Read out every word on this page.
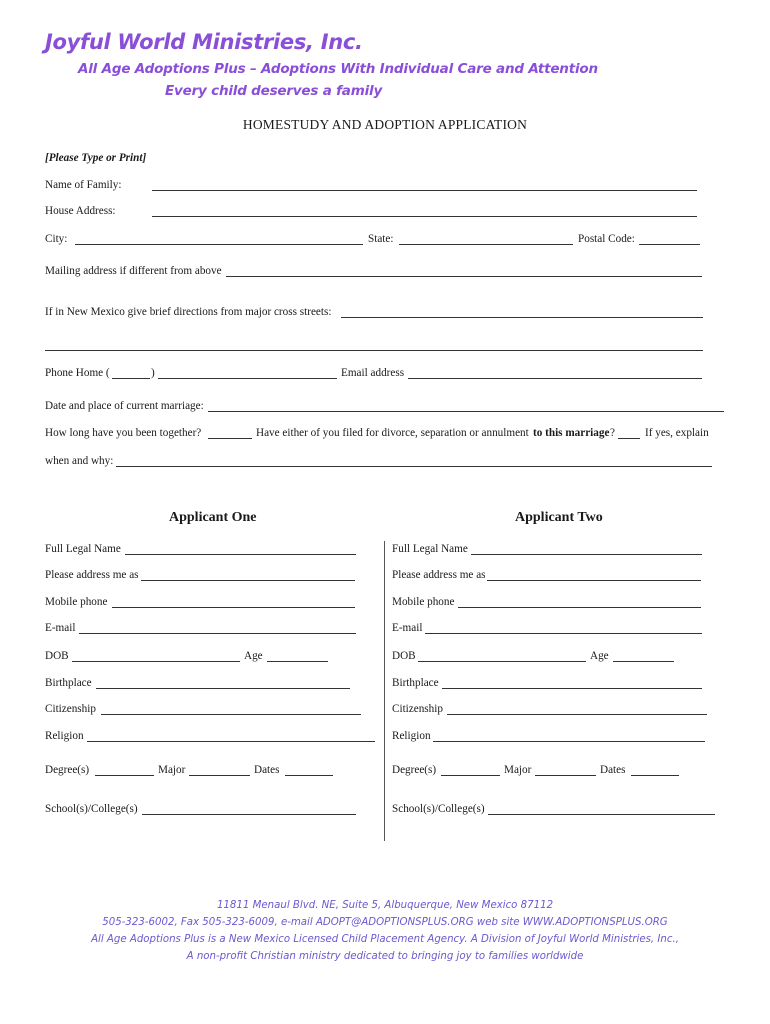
Joyful World Ministries, Inc.
All Age Adoptions Plus – Adoptions With Individual Care and Attention
Every child deserves a family
HOMESTUDY AND ADOPTION APPLICATION
[Please Type or Print]
Name of Family:
House Address:
City:	State:	Postal Code:
Mailing address if different from above
If in New Mexico give brief directions from major cross streets:
Phone Home (	)	Email address
Date and place of current marriage:
How long have you been together?	Have either of you filed for divorce, separation or annulment to this marriage ?	If yes, explain
when and why:
Applicant One	Applicant Two
Full Legal Name
Please address me as
Mobile phone
E-mail
DOB	Age
Birthplace
Citizenship
Religion
Degree(s)	Major	Dates
School(s)/College(s)
Full Legal Name
Please address me as
Mobile phone
E-mail
DOB	Age
Birthplace
Citizenship
Religion
Degree(s)	Major	Dates
School(s)/College(s)
11811 Menaul Blvd. NE, Suite 5, Albuquerque, New Mexico 87112
505-323-6002, Fax 505-323-6009, e-mail ADOPT@ADOPTIONSPLUS.ORG web site WWW.ADOPTIONSPLUS.ORG
All Age Adoptions Plus is a New Mexico Licensed Child Placement Agency. A Division of Joyful World Ministries, Inc.,
A non-profit Christian ministry dedicated to bringing joy to families worldwide
